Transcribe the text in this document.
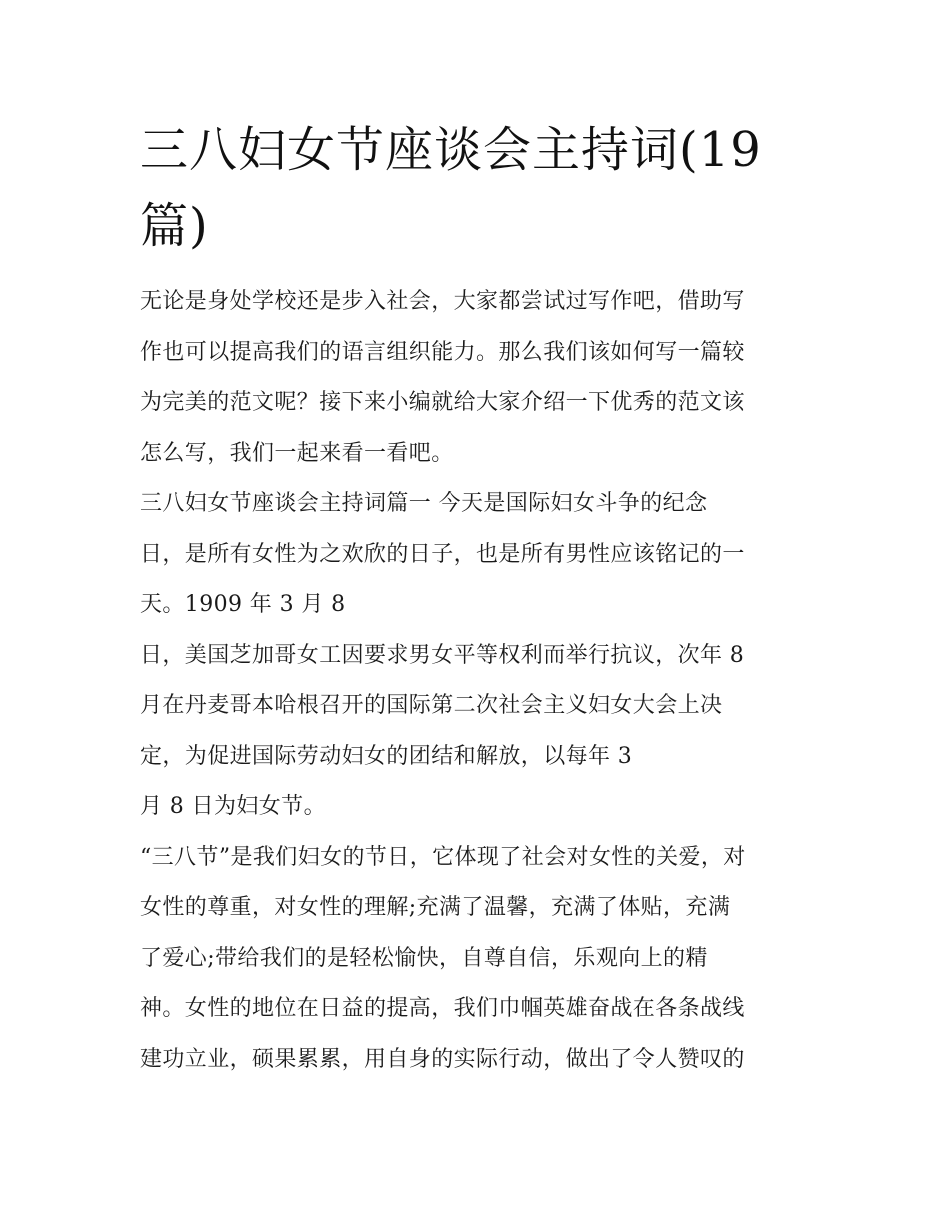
三八妇女节座谈会主持词(19
篇)
无论是身处学校还是步入社会，大家都尝试过写作吧，借助写
作也可以提高我们的语言组织能力。那么我们该如何写一篇较
为完美的范文呢？接下来小编就给大家介绍一下优秀的范文该
怎么写，我们一起来看一看吧。
三八妇女节座谈会主持词篇一 今天是国际妇女斗争的纪念
日，是所有女性为之欢欣的日子，也是所有男性应该铭记的一
天。1909 年 3 月 8
日，美国芝加哥女工因要求男女平等权利而举行抗议，次年 8
月在丹麦哥本哈根召开的国际第二次社会主义妇女大会上决
定，为促进国际劳动妇女的团结和解放，以每年 3
月 8 日为妇女节。
“三八节”是我们妇女的节日，它体现了社会对女性的关爱，对
女性的尊重，对女性的理解;充满了温馨，充满了体贴，充满
了爱心;带给我们的是轻松愉快，自尊自信，乐观向上的精
神。女性的地位在日益的提高，我们巾帼英雄奋战在各条战线
建功立业，硕果累累，用自身的实际行动，做出了令人赞叹的
